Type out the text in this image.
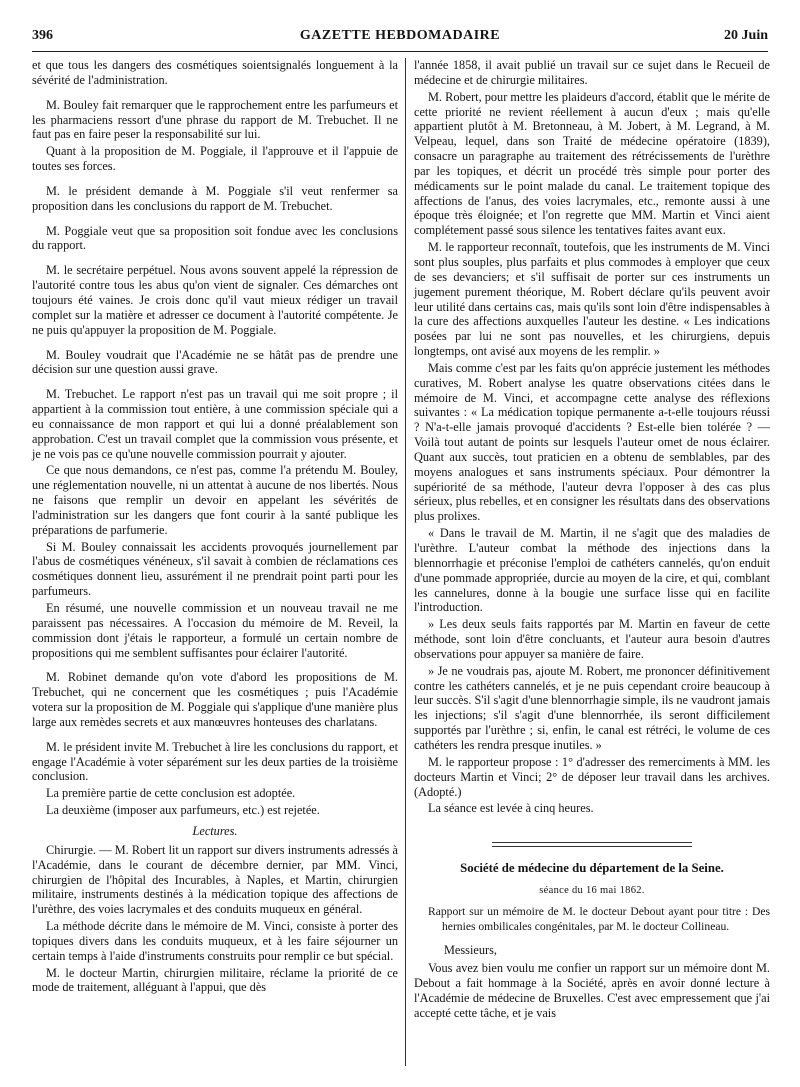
396	GAZETTE HEBDOMADAIRE	20 Juin

et que tous les dangers des cosmétiques soientsignalés longuement à la sévérité de l'administration.

M. Bouley fait remarquer que le rapprochement entre les parfumeurs et les pharmaciens ressort d'une phrase du rapport de M. Trebuchet. Il ne faut pas en faire peser la responsabilité sur lui.

Quant à la proposition de M. Poggiale, il l'approuve et il l'appuie de toutes ses forces.

M. le président demande à M. Poggiale s'il veut renfermer sa proposition dans les conclusions du rapport de M. Trebuchet.

M. Poggiale veut que sa proposition soit fondue avec les conclusions du rapport.

M. le secrétaire perpétuel. Nous avons souvent appelé la répression de l'autorité contre tous les abus qu'on vient de signaler. Ces démarches ont toujours été vaines. Je crois donc qu'il vaut mieux rédiger un travail complet sur la matière et adresser ce document à l'autorité compétente. Je ne puis qu'appuyer la proposition de M. Poggiale.

M. Bouley voudrait que l'Académie ne se hâtât pas de prendre une décision sur une question aussi grave.

M. Trebuchet. Le rapport n'est pas un travail qui me soit propre ; il appartient à la commission tout entière, à une commission spéciale qui a eu connaissance de mon rapport et qui lui a donné préalablement son approbation. C'est un travail complet que la commission vous présente, et je ne vois pas ce qu'une nouvelle commission pourrait y ajouter.

Ce que nous demandons, ce n'est pas, comme l'a prétendu M. Bouley, une réglementation nouvelle, ni un attentat à aucune de nos libertés. Nous ne faisons que remplir un devoir en appelant les sévérités de l'administration sur les dangers que font courir à la santé publique les préparations de parfumerie.

Si M. Bouley connaissait les accidents provoqués journellement par l'abus de cosmétiques vénéneux, s'il savait à combien de réclamations ces cosmétiques donnent lieu, assurément il ne prendrait point parti pour les parfumeurs.

En résumé, une nouvelle commission et un nouveau travail ne me paraissent pas nécessaires. A l'occasion du mémoire de M. Reveil, la commission dont j'étais le rapporteur, a formulé un certain nombre de propositions qui me semblent suffisantes pour éclairer l'autorité.

M. Robinet demande qu'on vote d'abord les propositions de M. Trebuchet, qui ne concernent que les cosmétiques ; puis l'Académie votera sur la proposition de M. Poggiale qui s'applique d'une manière plus large aux remèdes secrets et aux manœuvres honteuses des charlatans.

M. le président invite M. Trebuchet à lire les conclusions du rapport, et engage l'Académie à voter séparément sur les deux parties de la troisième conclusion.

La première partie de cette conclusion est adoptée.

La deuxième (imposer aux parfumeurs, etc.) est rejetée.

Lectures.

Chirurgie. — M. Robert lit un rapport sur divers instruments adressés à l'Académie, dans le courant de décembre dernier, par MM. Vinci, chirurgien de l'hôpital des Incurables, à Naples, et Martin, chirurgien militaire, instruments destinés à la médication topique des affections de l'urèthre, des voies lacrymales et des conduits muqueux en général.

La méthode décrite dans le mémoire de M. Vinci, consiste à porter des topiques divers dans les conduits muqueux, et à les faire séjourner un certain temps à l'aide d'instruments construits pour remplir ce but spécial.

M. le docteur Martin, chirurgien militaire, réclame la priorité de ce mode de traitement, alléguant à l'appui, que dès

l'année 1858, il avait publié un travail sur ce sujet dans le Recueil de médecine et de chirurgie militaires.

M. Robert, pour mettre les plaideurs d'accord, établit que le mérite de cette priorité ne revient réellement à aucun d'eux ; mais qu'elle appartient plutôt à M. Bretonneau, à M. Jobert, à M. Legrand, à M. Velpeau, lequel, dans son Traité de médecine opératoire (1839), consacre un paragraphe au traitement des rétrécissements de l'urèthre par les topiques, et décrit un procédé très simple pour porter des médicaments sur le point malade du canal. Le traitement topique des affections de l'anus, des voies lacrymales, etc., remonte aussi à une époque très éloignée; et l'on regrette que MM. Martin et Vinci aient complétement passé sous silence les tentatives faites avant eux.

M. le rapporteur reconnaît, toutefois, que les instruments de M. Vinci sont plus souples, plus parfaits et plus commodes à employer que ceux de ses devanciers; et s'il suffisait de porter sur ces instruments un jugement purement théorique, M. Robert déclare qu'ils peuvent avoir leur utilité dans certains cas, mais qu'ils sont loin d'être indispensables à la cure des affections auxquelles l'auteur les destine. « Les indications posées par lui ne sont pas nouvelles, et les chirurgiens, depuis longtemps, ont avisé aux moyens de les remplir. »

Mais comme c'est par les faits qu'on apprécie justement les méthodes curatives, M. Robert analyse les quatre observations citées dans le mémoire de M. Vinci, et accompagne cette analyse des réflexions suivantes : « La médication topique permanente a-t-elle toujours réussi ? N'a-t-elle jamais provoqué d'accidents ? Est-elle bien tolérée ? — Voilà tout autant de points sur lesquels l'auteur omet de nous éclairer. Quant aux succès, tout praticien en a obtenu de semblables, par des moyens analogues et sans instruments spéciaux. Pour démontrer la supériorité de sa méthode, l'auteur devra l'opposer à des cas plus sérieux, plus rebelles, et en consigner les résultats dans des observations plus prolixes.

« Dans le travail de M. Martin, il ne s'agit que des maladies de l'urèthre. L'auteur combat la méthode des injections dans la blennorrhagie et préconise l'emploi de cathéters cannelés, qu'on enduit d'une pommade appropriée, durcie au moyen de la cire, et qui, comblant les cannelures, donne à la bougie une surface lisse qui en facilite l'introduction.

» Les deux seuls faits rapportés par M. Martin en faveur de cette méthode, sont loin d'être concluants, et l'auteur aura besoin d'autres observations pour appuyer sa manière de faire.

» Je ne voudrais pas, ajoute M. Robert, me prononcer définitivement contre les cathéters cannelés, et je ne puis cependant croire beaucoup à leur succès. S'il s'agit d'une blennorrhagie simple, ils ne vaudront jamais les injections; s'il s'agit d'une blennorrhée, ils seront difficilement supportés par l'urèthre ; si, enfin, le canal est rétréci, le volume de ces cathéters les rendra presque inutiles. »

M. le rapporteur propose : 1° d'adresser des remerciments à MM. les docteurs Martin et Vinci; 2° de déposer leur travail dans les archives. (Adopté.)

La séance est levée à cinq heures.

Société de médecine du département de la Seine.

séance du 16 mai 1862.

Rapport sur un mémoire de M. le docteur Debout ayant pour titre : Des hernies ombilicales congénitales, par M. le docteur Collineau.

Messieurs,

Vous avez bien voulu me confier un rapport sur un mémoire dont M. Debout a fait hommage à la Société, après en avoir donné lecture à l'Académie de médecine de Bruxelles. C'est avec empressement que j'ai accepté cette tâche, et je vais
